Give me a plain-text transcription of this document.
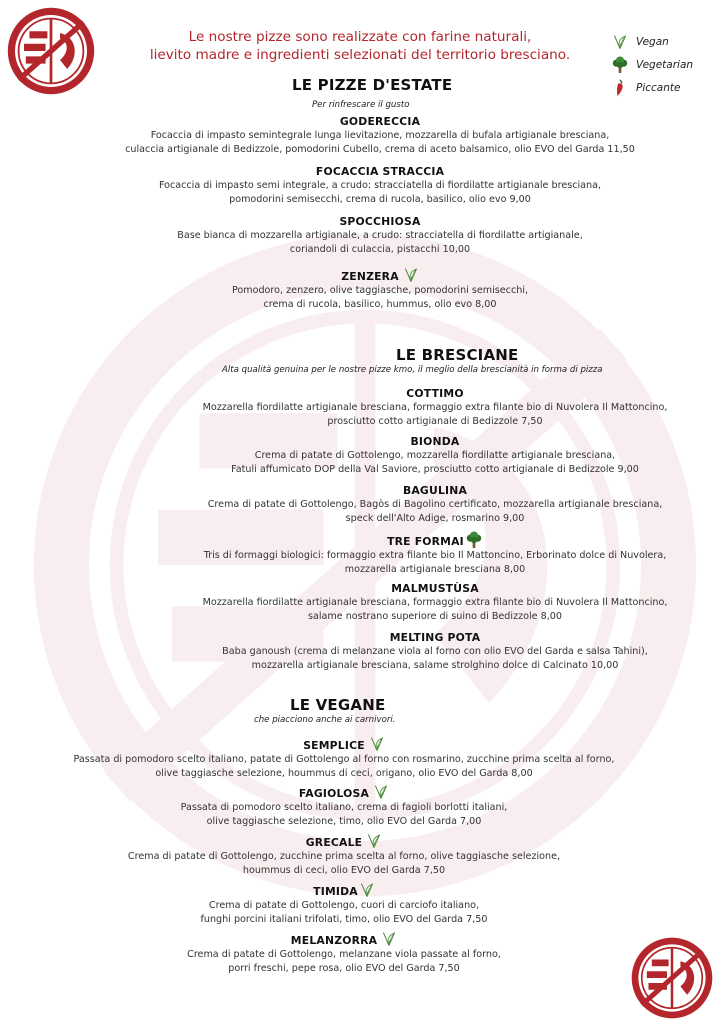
Le nostre pizze sono realizzate con farine naturali,
lievito madre e ingredienti selezionati del territorio bresciano.
Vegan
Vegetarian
Piccante
LE PIZZE D'ESTATE
Per rinfrescare il gusto
GODERECCIA
Focaccia di impasto semintegrale lunga lievitazione, mozzarella di bufala artigianale bresciana,
culaccia artigianale di Bedizzole, pomodorini Cubello, crema di aceto balsamico, olio EVO del Garda 11,50
FOCACCIA STRACCIA
Focaccia di impasto semi integrale, a crudo: stracciatella di fiordilatte artigianale bresciana,
pomodorini semisecchi, crema di rucola, basilico, olio evo 9,00
SPOCCHIOSA
Base bianca di mozzarella artigianale, a crudo: stracciatella di fiordilatte artigianale,
coriandoli di culaccia, pistacchi 10,00
ZENZERA
Pomodoro, zenzero, olive taggiasche, pomodorini semisecchi,
crema di rucola, basilico, hummus, olio evo 8,00
LE BRESCIANE
Alta qualità genuina per le nostre pizze kmo, il meglio della brescianità in forma di pizza
COTTIMO
Mozzarella fiordilatte artigianale bresciana, formaggio extra filante bio di Nuvolera Il Mattoncino,
prosciutto cotto artigianale di Bedizzole 7,50
BIONDA
Crema di patate di Gottolengo, mozzarella fiordilatte artigianale bresciana,
Fatuli affumicato DOP della Val Saviore, prosciutto cotto artigianale di Bedizzole 9,00
BAGULINA
Crema di patate di Gottolengo, Bagòs di Bagolino certificato, mozzarella artigianale bresciana,
speck dell'Alto Adige, rosmarino 9,00
TRE FORMAI
Tris di formaggi biologici: formaggio extra filante bio Il Mattoncino, Erborinato dolce di Nuvolera,
mozzarella artigianale bresciana 8,00
MALMUSTÙSA
Mozzarella fiordilatte artigianale bresciana, formaggio extra filante bio di Nuvolera Il Mattoncino,
salame nostrano superiore di suino di Bedizzole 8,00
MELTING POTA
Baba ganoush (crema di melanzane viola al forno con olio EVO del Garda e salsa Tahini),
mozzarella artigianale bresciana, salame strolghino dolce di Calcinato 10,00
LE VEGANE
che piacciono anche ai carnivori.
SEMPLICE
Passata di pomodoro scelto italiano, patate di Gottolengo al forno con rosmarino, zucchine prima scelta al forno,
olive taggiasche selezione, hoummus di ceci, origano, olio EVO del Garda 8,00
FAGIOLOSA
Passata di pomodoro scelto italiano, crema di fagioli borlotti italiani,
olive taggiasche selezione, timo, olio EVO del Garda 7,00
GRECALE
Crema di patate di Gottolengo, zucchine prima scelta al forno, olive taggiasche selezione,
hoummus di ceci, olio EVO del Garda 7,50
TIMIDA
Crema di patate di Gottolengo, cuori di carciofo italiano,
funghi porcini italiani trifolati, timo, olio EVO del Garda 7,50
MELANZORRA
Crema di patate di Gottolengo, melanzane viola passate al forno,
porri freschi, pepe rosa, olio EVO del Garda 7,50
